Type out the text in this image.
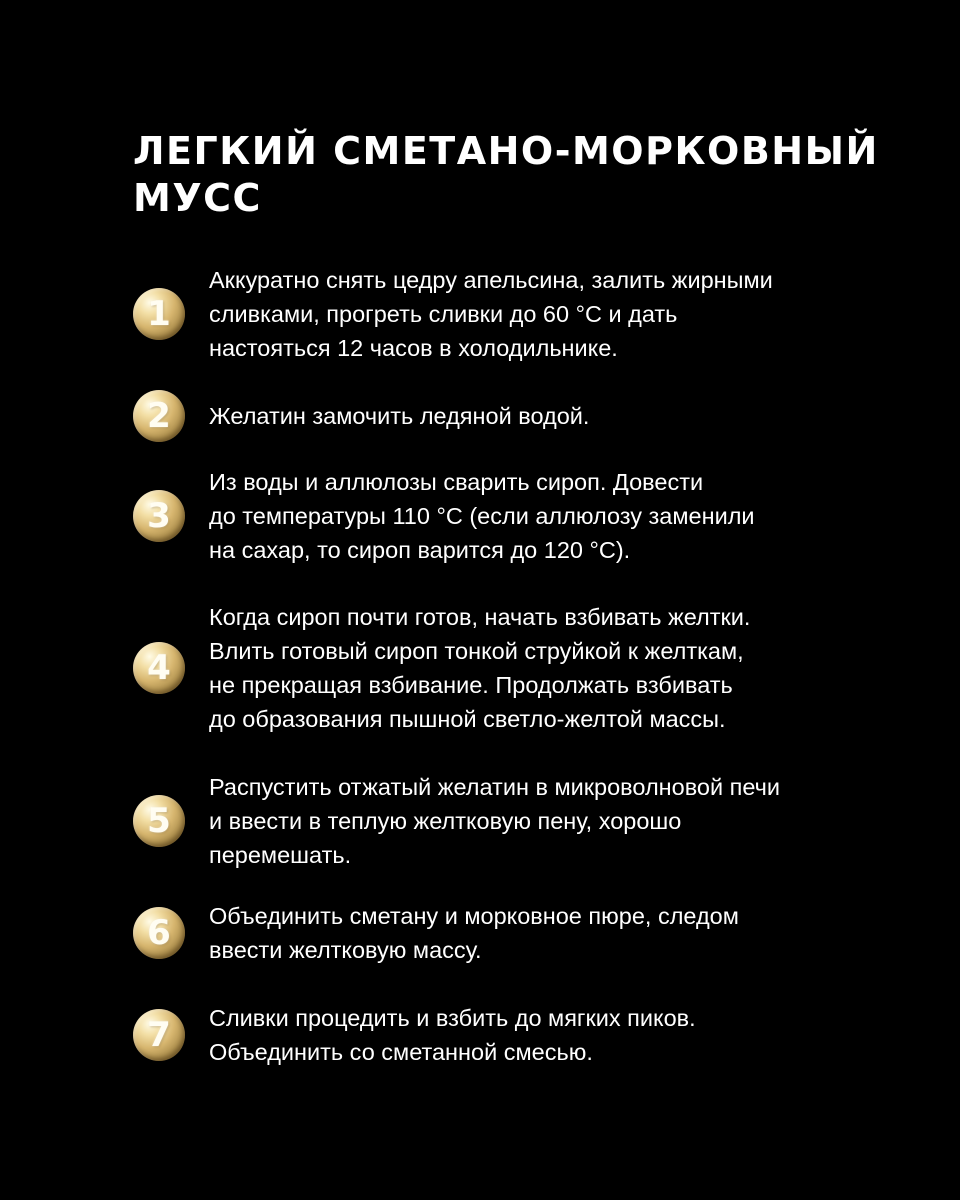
ЛЕГКИЙ СМЕТАНО-МОРКОВНЫЙ
МУСС
1

Аккуратно снять цедру апельсина, залить жирными
сливками, прогреть сливки до 60 °С и дать
настояться 12 часов в холодильнике.

2 Желатин замочить ледяной водой.

3

Из воды и аллюлозы сварить сироп. Довести
до температуры 110 °С (если аллюлозу заменили
на сахар, то сироп варится до 120 °С).

4

Когда сироп почти готов, начать взбивать желтки.
Влить готовый сироп тонкой струйкой к желткам,
не прекращая взбивание. Продолжать взбивать
до образования пышной светло-желтой массы.

5

Распустить отжатый желатин в микроволновой печи
и ввести в теплую желтковую пену, хорошо
перемешать.

6 Объединить сметану и морковное пюре, следом
ввести желтковую массу.

7 Сливки процедить и взбить до мягких пиков.
Объединить со сметанной смесью.
